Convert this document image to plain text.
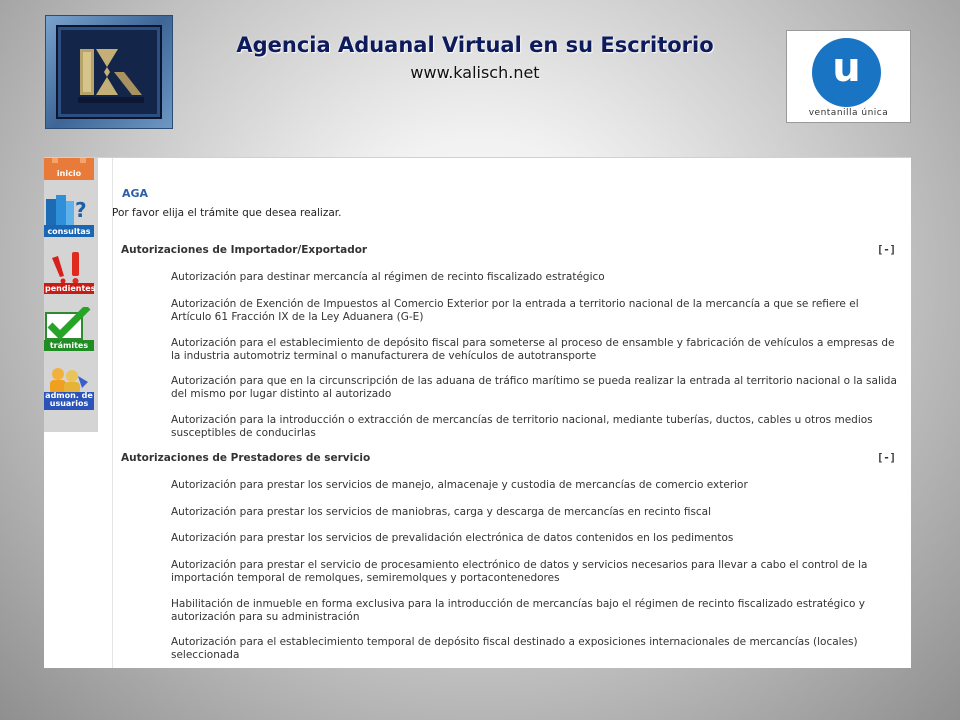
Agencia Aduanal Virtual en su Escritorio
www.kalisch.net	u
ventanilla única
inicio
?
consultas
pendientes
trámites
admon. de usuarios
AGA
Por favor elija el trámite que desea realizar.
Autorizaciones de Importador/Exportador	[-]
Autorización para destinar mercancía al régimen de recinto fiscalizado estratégico
Autorización de Exención de Impuestos al Comercio Exterior por la entrada a territorio nacional de la mercancía a que se refiere el Artículo 61 Fracción IX de la Ley Aduanera (G-E)
Autorización para el establecimiento de depósito fiscal para someterse al proceso de ensamble y fabricación de vehículos a empresas de la industria automotriz terminal o manufacturera de vehículos de autotransporte
Autorización para que en la circunscripción de las aduana de tráfico marítimo se pueda realizar la entrada al territorio nacional o la salida del mismo por lugar distinto al autorizado
Autorización para la introducción o extracción de mercancías de territorio nacional, mediante tuberías, ductos, cables u otros medios susceptibles de conducirlas
Autorizaciones de Prestadores de servicio	[-]
Autorización para prestar los servicios de manejo, almacenaje y custodia de mercancías de comercio exterior
Autorización para prestar los servicios de maniobras, carga y descarga de mercancías en recinto fiscal
Autorización para prestar los servicios de prevalidación electrónica de datos contenidos en los pedimentos
Autorización para prestar el servicio de procesamiento electrónico de datos y servicios necesarios para llevar a cabo el control de la importación temporal de remolques, semiremolques y portacontenedores
Habilitación de inmueble en forma exclusiva para la introducción de mercancías bajo el régimen de recinto fiscalizado estratégico y autorización para su administración
Autorización para el establecimiento temporal de depósito fiscal destinado a exposiciones internacionales de mercancías (locales) seleccionada
